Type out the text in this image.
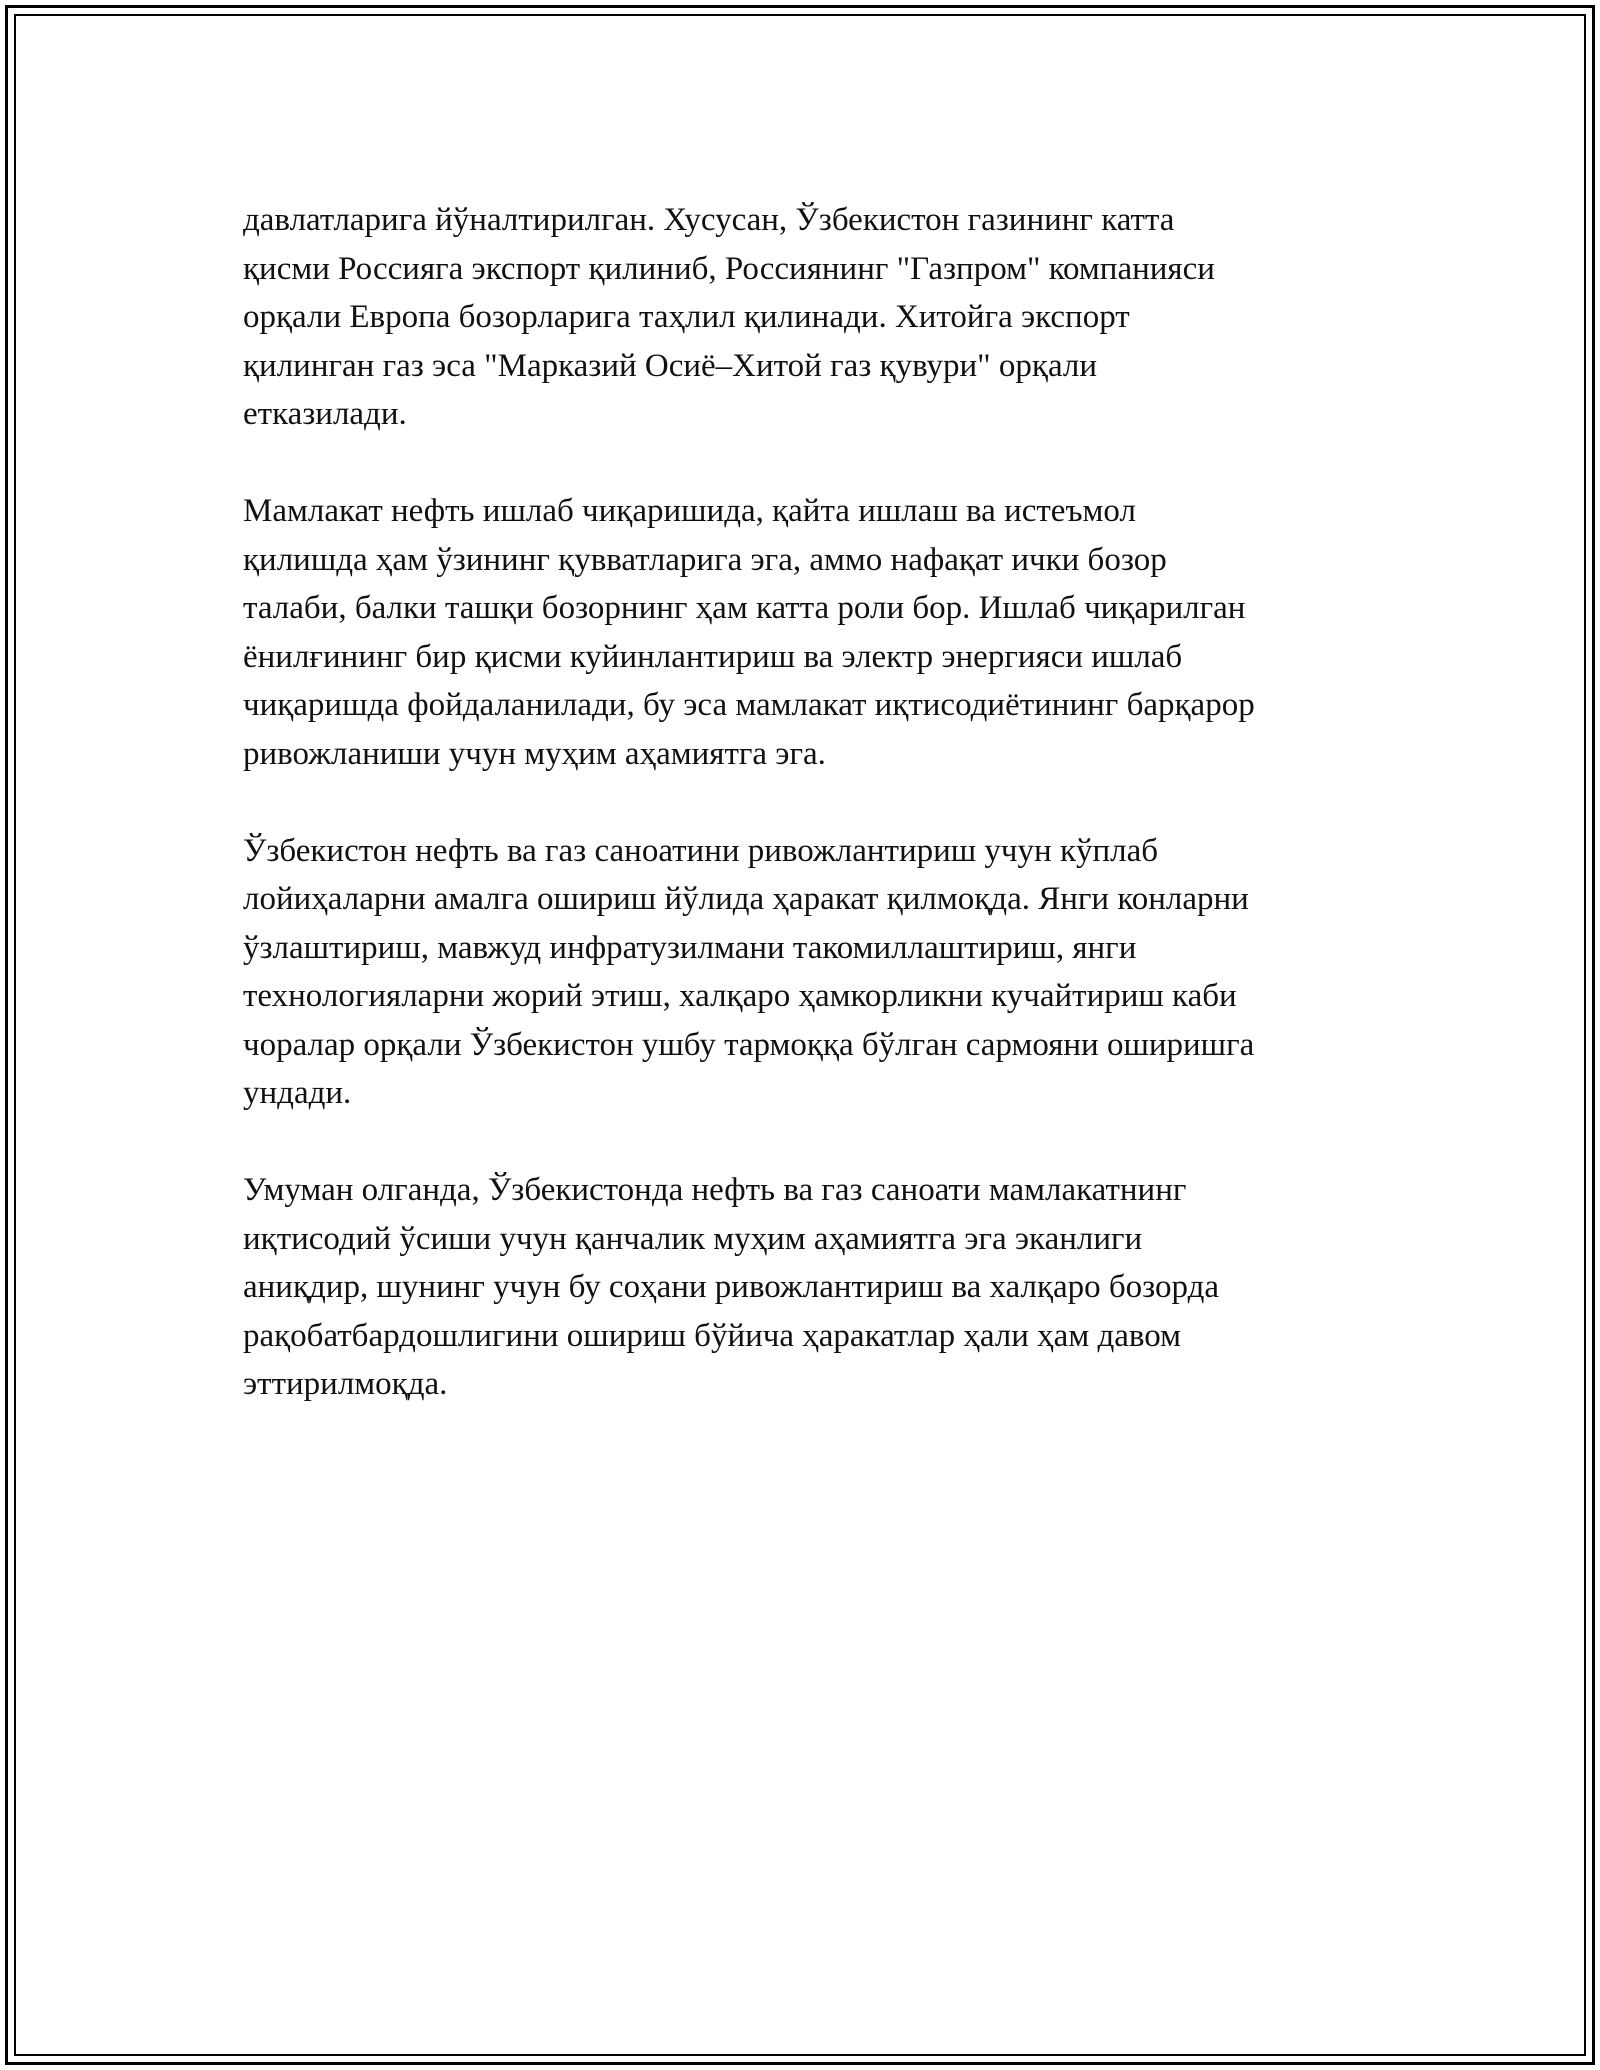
давлатларига йўналтирилган. Хусусан, Ўзбекистон газининг катта
қисми Россияга экспорт қилиниб, Россиянинг "Газпром" компанияси
орқали Европа бозорларига таҳлил қилинади. Хитойга экспорт
қилинган газ эса "Марказий Осиё–Хитой газ қувури" орқали
етказилади.

Мамлакат нефть ишлаб чиқаришида, қайта ишлаш ва истеъмол
қилишда ҳам ўзининг қувватларига эга, аммо нафақат ички бозор
талаби, балки ташқи бозорнинг ҳам катта роли бор. Ишлаб чиқарилган
ёнилғининг бир қисми куйинлантириш ва электр энергияси ишлаб
чиқаришда фойдаланилади, бу эса мамлакат иқтисодиётининг барқарор
ривожланиши учун муҳим аҳамиятга эга.

Ўзбекистон нефть ва газ саноатини ривожлантириш учун кўплаб
лойиҳаларни амалга ошириш йўлида ҳаракат қилмоқда. Янги конларни
ўзлаштириш, мавжуд инфратузилмани такомиллаштириш, янги
технологияларни жорий этиш, халқаро ҳамкорликни кучайтириш каби
чоралар орқали Ўзбекистон ушбу тармоққа бўлган сармояни оширишга
ундади.

Умуман олганда, Ўзбекистонда нефть ва газ саноати мамлакатнинг
иқтисодий ўсиши учун қанчалик муҳим аҳамиятга эга эканлиги
аниқдир, шунинг учун бу соҳани ривожлантириш ва халқаро бозорда
рақобатбардошлигини ошириш бўйича ҳаракатлар ҳали ҳам давом
эттирилмоқда.
